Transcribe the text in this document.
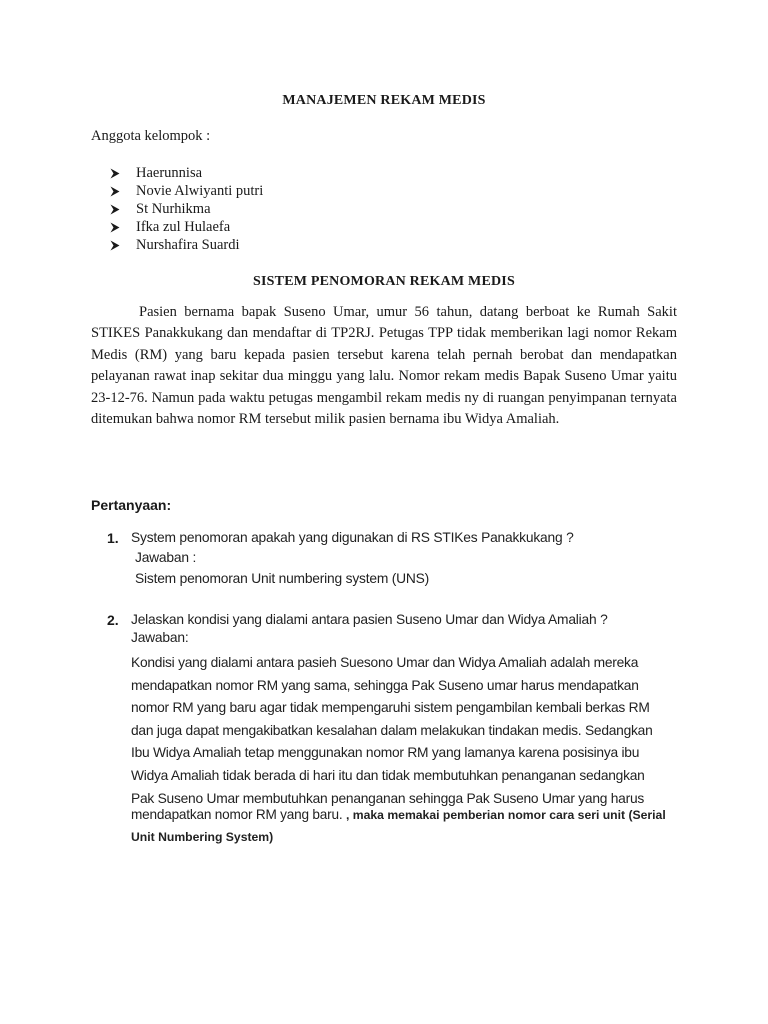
MANAJEMEN REKAM MEDIS
Anggota kelompok :
Haerunnisa
Novie Alwiyanti putri
St Nurhikma
Ifka zul Hulaefa
Nurshafira Suardi
SISTEM PENOMORAN REKAM MEDIS
Pasien bernama bapak Suseno Umar, umur 56 tahun, datang berboat ke Rumah Sakit STIKES Panakkukang dan mendaftar di TP2RJ. Petugas TPP tidak memberikan lagi nomor Rekam Medis (RM) yang baru kepada pasien tersebut karena telah pernah berobat dan mendapatkan pelayanan rawat inap sekitar dua minggu yang lalu. Nomor rekam medis Bapak Suseno Umar yaitu 23-12-76. Namun pada waktu petugas mengambil rekam medis ny di ruangan penyimpanan ternyata ditemukan bahwa nomor RM tersebut milik pasien bernama ibu Widya Amaliah.
Pertanyaan:
1. System penomoran apakah yang digunakan di RS STIKes Panakkukang ?
Jawaban :
Sistem penomoran Unit numbering system (UNS)
2. Jelaskan kondisi yang dialami antara pasien Suseno Umar dan Widya Amaliah ?
Jawaban:
Kondisi yang dialami antara pasieh Suesono Umar dan Widya Amaliah adalah mereka
mendapatkan nomor RM yang sama, sehingga Pak Suseno umar harus mendapatkan
nomor RM yang baru agar tidak mempengaruhi sistem pengambilan kembali berkas RM
dan juga dapat mengakibatkan kesalahan dalam melakukan tindakan medis. Sedangkan
Ibu Widya Amaliah tetap menggunakan nomor RM yang lamanya karena posisinya ibu
Widya Amaliah tidak berada di hari itu dan tidak membutuhkan penanganan sedangkan
Pak Suseno Umar membutuhkan penanganan sehingga Pak Suseno Umar yang harus
mendapatkan nomor RM yang baru. , maka memakai pemberian nomor cara seri unit (Serial Unit Numbering System)
